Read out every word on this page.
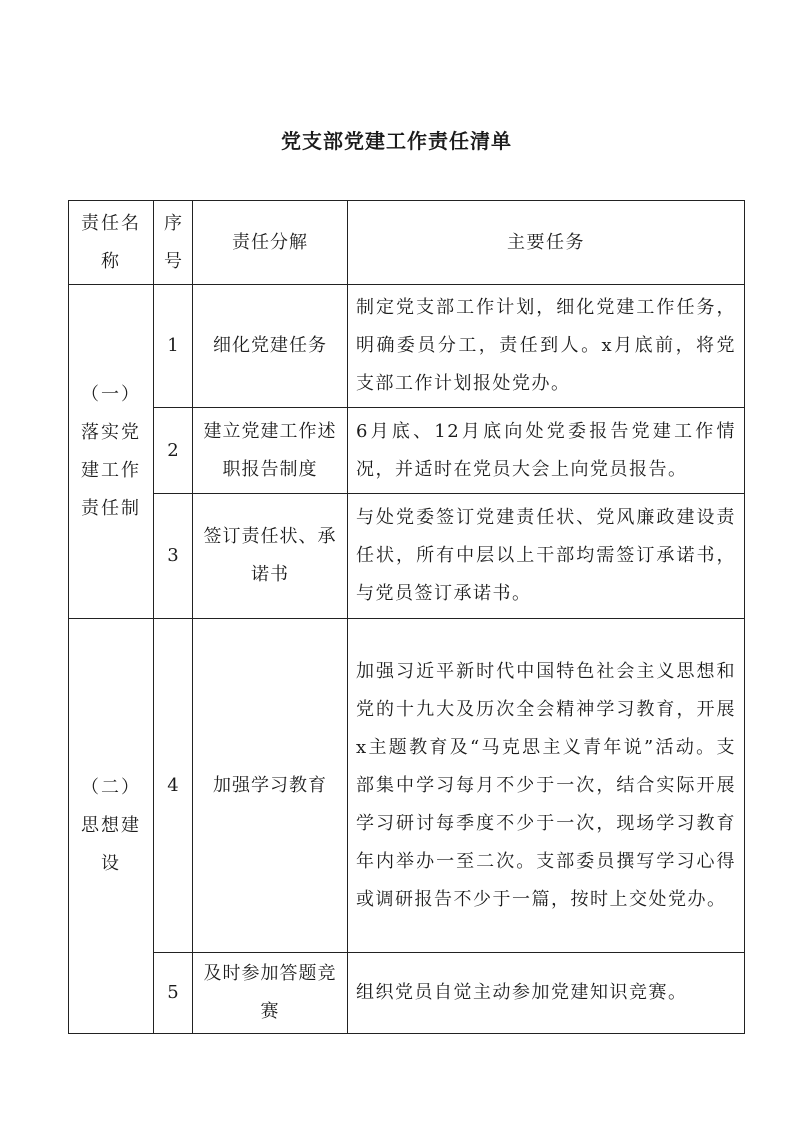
党支部党建工作责任清单
责任名称	序号	责任分解	主要任务
（一）落实党建工作责任制	1	细化党建任务	制定党支部工作计划，细化党建工作任务，明确委员分工，责任到人。x月底前，将党支部工作计划报处党办。
	2	建立党建工作述职报告制度	6月底、12月底向处党委报告党建工作情况，并适时在党员大会上向党员报告。
	3	签订责任状、承诺书	与处党委签订党建责任状、党风廉政建设责任状，所有中层以上干部均需签订承诺书，与党员签订承诺书。
（二）思想建设	4	加强学习教育	加强习近平新时代中国特色社会主义思想和党的十九大及历次全会精神学习教育，开展x主题教育及“马克思主义青年说”活动。支部集中学习每月不少于一次，结合实际开展学习研讨每季度不少于一次，现场学习教育年内举办一至二次。支部委员撰写学习心得或调研报告不少于一篇，按时上交处党办。
	5	及时参加答题竞赛	组织党员自觉主动参加党建知识竞赛。
